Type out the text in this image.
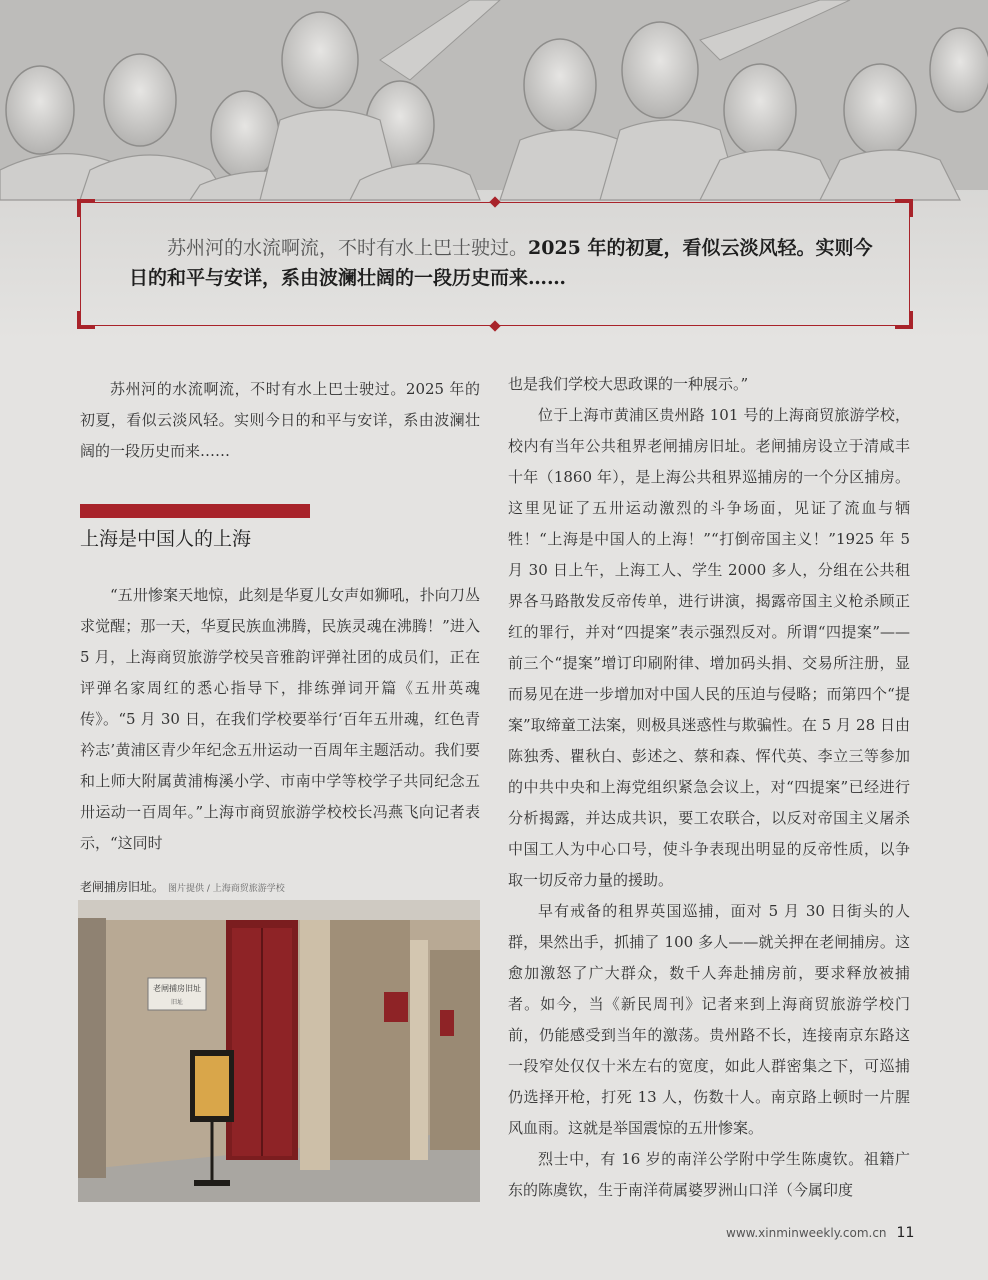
苏州河的水流啊流，不时有水上巴士驶过。2025 年的初夏，看似云淡风轻。实则今日的和平与安详，系由波澜壮阔的一段历史而来……

苏州河的水流啊流，不时有水上巴士驶过。2025 年的初夏，看似云淡风轻。实则今日的和平与安详，系由波澜壮阔的一段历史而来……

上海是中国人的上海

“五卅惨案天地惊，此刻是华夏儿女声如狮吼，扑向刀丛求觉醒；那一天，华夏民族血沸腾，民族灵魂在沸腾！”进入 5 月，上海商贸旅游学校吴音雅韵评弹社团的成员们，正在评弹名家周红的悉心指导下，排练弹词开篇《五卅英魂传》。“5 月 30 日，在我们学校要举行‘百年五卅魂，红色青衿志’黄浦区青少年纪念五卅运动一百周年主题活动。我们要和上师大附属黄浦梅溪小学、市南中学等校学子共同纪念五卅运动一百周年。”上海市商贸旅游学校校长冯燕飞向记者表示，“这同时

老闸捕房旧址。 图片提供 / 上海商贸旅游学校
老闸捕房旧址
旧址

也是我们学校大思政课的一种展示。”

位于上海市黄浦区贵州路 101 号的上海商贸旅游学校，校内有当年公共租界老闸捕房旧址。老闸捕房设立于清咸丰十年（1860 年），是上海公共租界巡捕房的一个分区捕房。这里见证了五卅运动激烈的斗争场面，见证了流血与牺牲！“上海是中国人的上海！”“打倒帝国主义！”1925 年 5 月 30 日上午，上海工人、学生 2000 多人，分组在公共租界各马路散发反帝传单，进行讲演，揭露帝国主义枪杀顾正红的罪行，并对“四提案”表示强烈反对。所谓“四提案”——前三个“提案”增订印刷附律、增加码头捐、交易所注册，显而易见在进一步增加对中国人民的压迫与侵略；而第四个“提案”取缔童工法案，则极具迷惑性与欺骗性。在 5 月 28 日由陈独秀、瞿秋白、彭述之、蔡和森、恽代英、李立三等参加的中共中央和上海党组织紧急会议上，对“四提案”已经进行分析揭露，并达成共识，要工农联合，以反对帝国主义屠杀中国工人为中心口号，使斗争表现出明显的反帝性质，以争取一切反帝力量的援助。

早有戒备的租界英国巡捕，面对 5 月 30 日街头的人群，果然出手，抓捕了 100 多人——就关押在老闸捕房。这愈加激怒了广大群众，数千人奔赴捕房前，要求释放被捕者。如今，当《新民周刊》记者来到上海商贸旅游学校门前，仍能感受到当年的激荡。贵州路不长，连接南京东路这一段窄处仅仅十米左右的宽度，如此人群密集之下，可巡捕仍选择开枪，打死 13 人，伤数十人。南京路上顿时一片腥风血雨。这就是举国震惊的五卅惨案。

烈士中，有 16 岁的南洋公学附中学生陈虞钦。祖籍广东的陈虞钦，生于南洋荷属婆罗洲山口洋（今属印度

www.xinminweekly.com.cn 11
